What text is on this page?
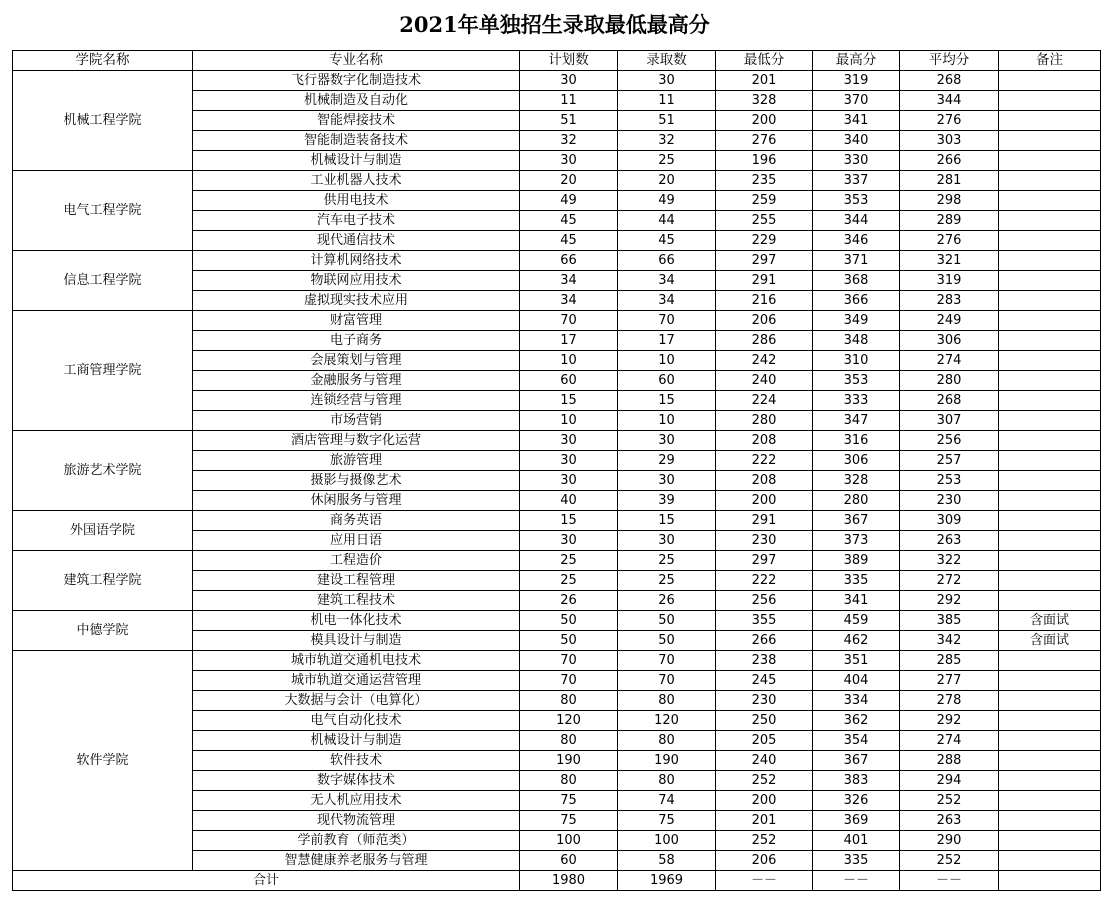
2021年单独招生录取最低最高分
学院名称	专业名称	计划数	录取数	最低分	最高分	平均分	备注
机械工程学院	飞行器数字化制造技术	30	30	201	319	268	
	机械制造及自动化	11	11	328	370	344	
	智能焊接技术	51	51	200	341	276	
	智能制造装备技术	32	32	276	340	303	
	机械设计与制造	30	25	196	330	266	
电气工程学院	工业机器人技术	20	20	235	337	281	
	供用电技术	49	49	259	353	298	
	汽车电子技术	45	44	255	344	289	
	现代通信技术	45	45	229	346	276	
信息工程学院	计算机网络技术	66	66	297	371	321	
	物联网应用技术	34	34	291	368	319	
	虚拟现实技术应用	34	34	216	366	283	
工商管理学院	财富管理	70	70	206	349	249	
	电子商务	17	17	286	348	306	
	会展策划与管理	10	10	242	310	274	
	金融服务与管理	60	60	240	353	280	
	连锁经营与管理	15	15	224	333	268	
	市场营销	10	10	280	347	307	
旅游艺术学院	酒店管理与数字化运营	30	30	208	316	256	
	旅游管理	30	29	222	306	257	
	摄影与摄像艺术	30	30	208	328	253	
	休闲服务与管理	40	39	200	280	230	
外国语学院	商务英语	15	15	291	367	309	
	应用日语	30	30	230	373	263	
建筑工程学院	工程造价	25	25	297	389	322	
	建设工程管理	25	25	222	335	272	
	建筑工程技术	26	26	256	341	292	
中德学院	机电一体化技术	50	50	355	459	385	含面试
	模具设计与制造	50	50	266	462	342	含面试
软件学院	城市轨道交通机电技术	70	70	238	351	285	
	城市轨道交通运营管理	70	70	245	404	277	
	大数据与会计（电算化）	80	80	230	334	278	
	电气自动化技术	120	120	250	362	292	
	机械设计与制造	80	80	205	354	274	
	软件技术	190	190	240	367	288	
	数字媒体技术	80	80	252	383	294	
	无人机应用技术	75	74	200	326	252	
	现代物流管理	75	75	201	369	263	
	学前教育（师范类）	100	100	252	401	290	
	智慧健康养老服务与管理	60	58	206	335	252	
合计		1980	1969	－－	－－	－－	
